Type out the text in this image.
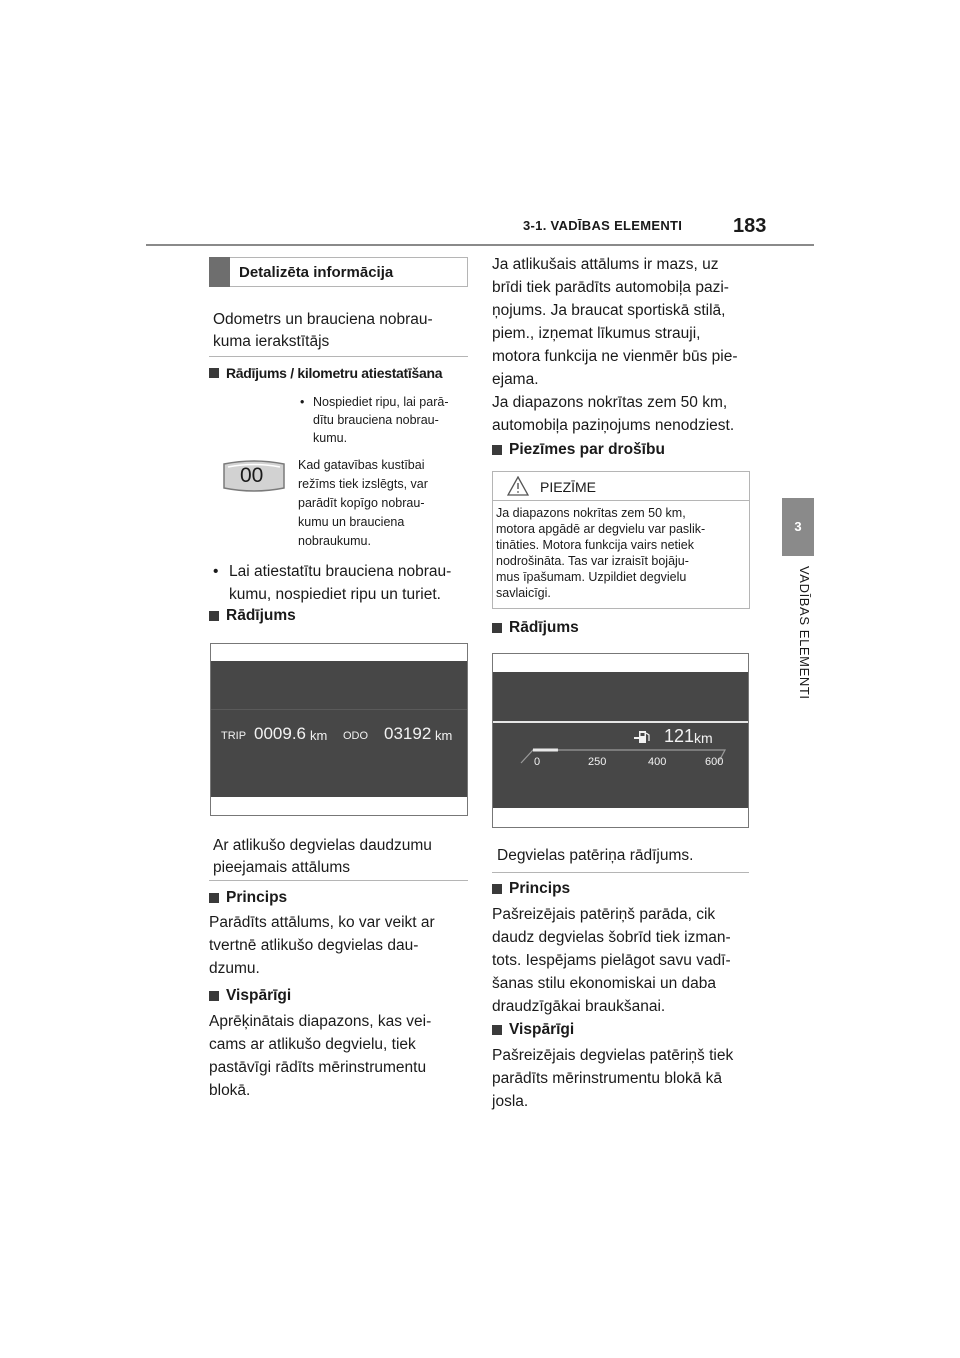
3-1. VADĪBAS ELEMENTI	183
3
VADĪBAS ELEMENTI
Detalizēta informācija
Odometrs un brauciena nobrau-
kuma ierakstītājs
Rādījums / kilometru atiestatīšana
• Nospiediet ripu, lai parā-
dītu brauciena nobrau-
kumu.
00	Kad gatavības kustībai
režīms tiek izslēgts, var
parādīt kopīgo nobrau-
kumu un brauciena
nobraukumu.
• Lai atiestatītu brauciena nobrau-
kumu, nospiediet ripu un turiet.
Rādījums
TRIP 0009.6 km ODO 03192 km
Ar atlikušo degvielas daudzumu
pieejamais attālums
Princips
Parādīts attālums, ko var veikt ar
tvertnē atlikušo degvielas dau-
dzumu.
Vispārīgi
Aprēķinātais diapazons, kas vei-
cams ar atlikušo degvielu, tiek
pastāvīgi rādīts mērinstrumentu
blokā.
Ja atlikušais attālums ir mazs, uz
brīdi tiek parādīts automobiļa pazi-
ņojums. Ja braucat sportiskā stilā,
piem., izņemat līkumus strauji,
motora funkcija ne vienmēr būs pie-
ejama.
Ja diapazons nokrītas zem 50 km,
automobiļa paziņojums nenodziest.
Piezīmes par drošību
PIEZĪME
Ja diapazons nokrītas zem 50 km,
motora apgādē ar degvielu var paslik-
tināties. Motora funkcija vairs netiek
nodrošināta. Tas var izraisīt bojāju-
mus īpašumam. Uzpildiet degvielu
savlaicīgi.
Rādījums
121 km
0	250	400	600
Degvielas patēriņa rādījums.
Princips
Pašreizējais patēriņš parāda, cik
daudz degvielas šobrīd tiek izman-
tots. Iespējams pielāgot savu vadī-
šanas stilu ekonomiskai un daba
draudzīgākai braukšanai.
Vispārīgi
Pašreizējais degvielas patēriņš tiek
parādīts mērinstrumentu blokā kā
josla.
